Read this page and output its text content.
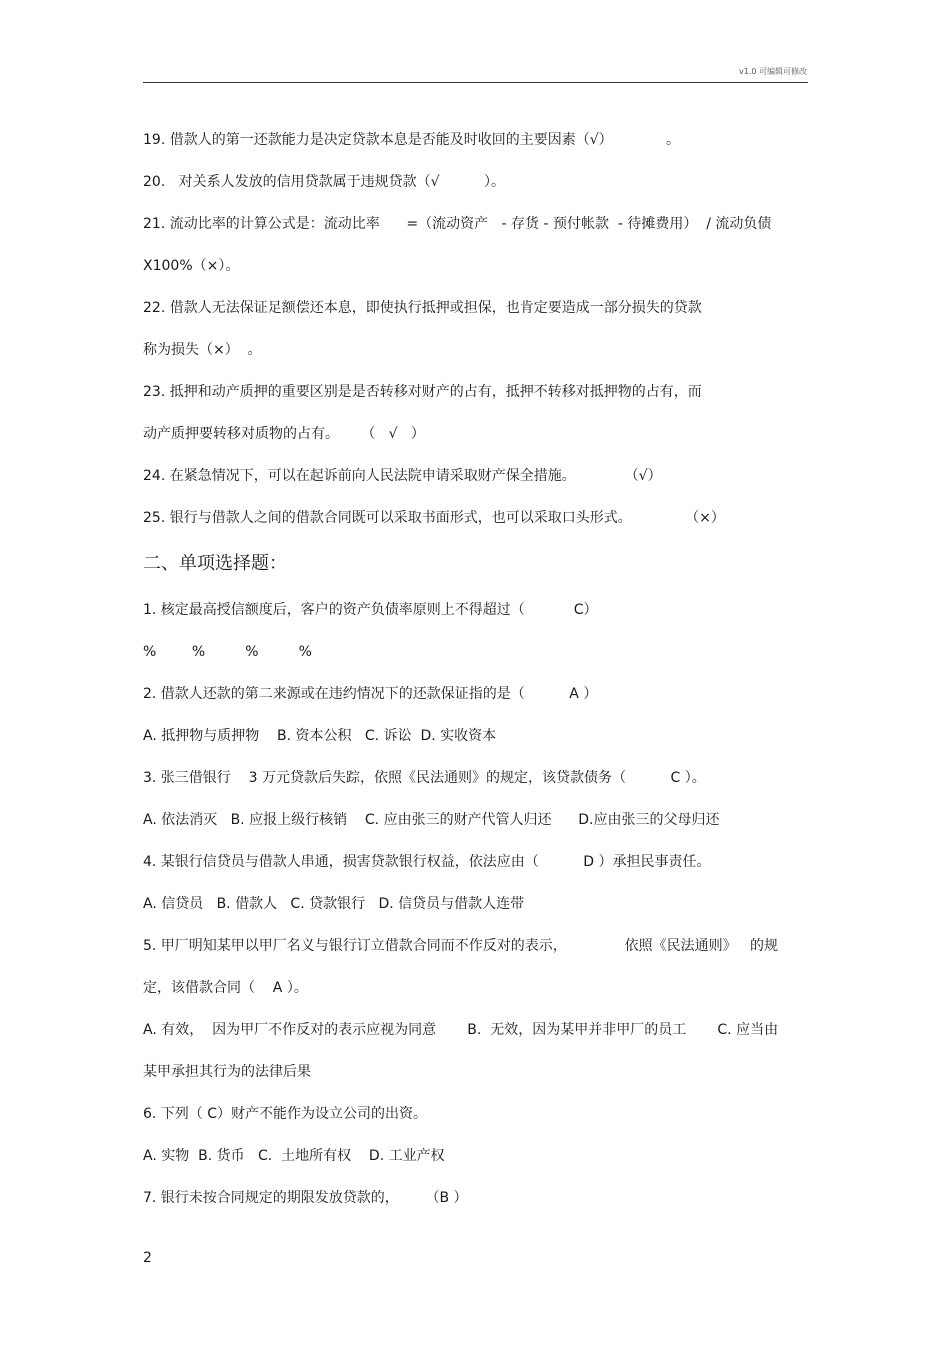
v1.0 可编辑可修改
19. 借款人的第一还款能力是决定贷款本息是否能及时收回的主要因素（√）            。
20.   对关系人发放的信用贷款属于违规贷款（√          ）。
21. 流动比率的计算公式是：流动比率      =（流动资产   - 存货 - 预付帐款  - 待摊费用）  / 流动负债
X100%（×）。
22. 借款人无法保证足额偿还本息，即使执行抵押或担保，也肯定要造成一部分损失的贷款
称为损失（×）  。
23. 抵押和动产质押的重要区别是是否转移对财产的占有，抵押不转移对抵押物的占有，而
动产质押要转移对质物的占有。     （   √   ）
24. 在紧急情况下，可以在起诉前向人民法院申请采取财产保全措施。           （√）
25. 银行与借款人之间的借款合同既可以采取书面形式，也可以采取口头形式。            （×）
二、单项选择题：
1. 核定最高授信额度后，客户的资产负债率原则上不得超过（           C）
%        %         %         %
2. 借款人还款的第二来源或在违约情况下的还款保证指的是（          A ）
A. 抵押物与质押物    B. 资本公积   C. 诉讼  D. 实收资本
3. 张三借银行    3 万元贷款后失踪，依照《民法通则》的规定，该贷款债务（          C ）。
A. 依法消灭   B. 应报上级行核销    C. 应由张三的财产代管人归还      D.应由张三的父母归还
4. 某银行信贷员与借款人串通，损害贷款银行权益，依法应由（          D ）承担民事责任。
A. 信贷员   B. 借款人   C. 贷款银行   D. 信贷员与借款人连带
5. 甲厂明知某甲以甲厂名义与银行订立借款合同而不作反对的表示，             依照《民法通则》   的规
定，该借款合同（    A ）。
A. 有效，  因为甲厂不作反对的表示应视为同意       B.  无效，因为某甲并非甲厂的员工       C. 应当由
某甲承担其行为的法律后果
6. 下列（ C）财产不能作为设立公司的出资。
A. 实物  B. 货币   C.  土地所有权    D. 工业产权
7. 银行未按合同规定的期限发放贷款的，      （B ）
2
